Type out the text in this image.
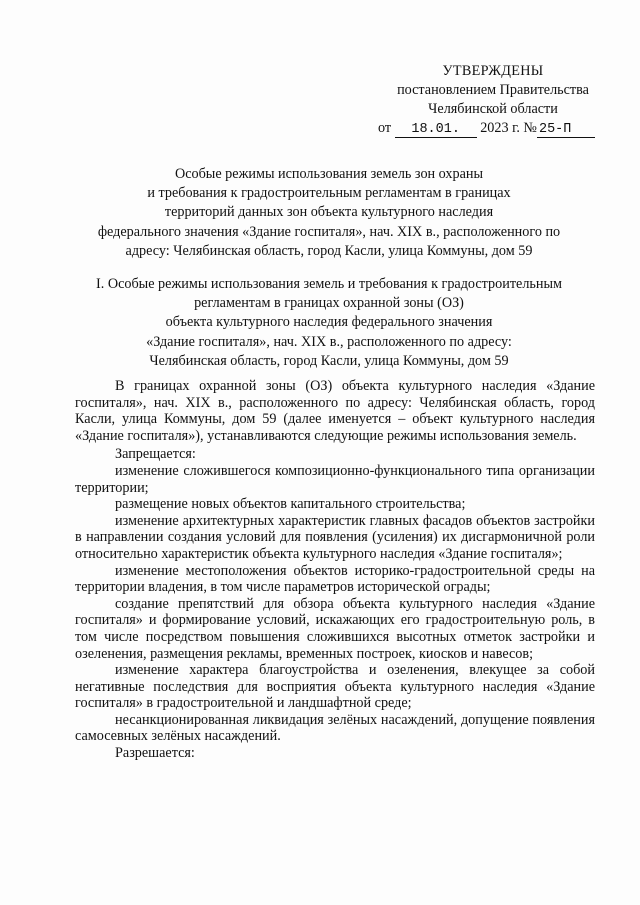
УТВЕРЖДЕНЫ
постановлением Правительства
Челябинской области
от 18.01. 2023 г. № 25-П
Особые режимы использования земель зон охраны
и требования к градостроительным регламентам в границах
территорий данных зон объекта культурного наследия
федерального значения «Здание госпиталя», нач. XIX в., расположенного по
адресу: Челябинская область, город Касли, улица Коммуны, дом 59
I. Особые режимы использования земель и требования к градостроительным
регламентам в границах охранной зоны (ОЗ)
объекта культурного наследия федерального значения
«Здание госпиталя», нач. XIX в., расположенного по адресу:
Челябинская область, город Касли, улица Коммуны, дом 59

В границах охранной зоны (ОЗ) объекта культурного наследия «Здание госпиталя», нач. XIX в., расположенного по адресу: Челябинская область, город Касли, улица Коммуны, дом 59 (далее именуется – объект культурного наследия «Здание госпиталя»), устанавливаются следующие режимы использования земель.

Запрещается:

изменение сложившегося композиционно-функционального типа организации территории;

размещение новых объектов капитального строительства;

изменение архитектурных характеристик главных фасадов объектов застройки в направлении создания условий для появления (усиления) их дисгармоничной роли относительно характеристик объекта культурного наследия «Здание госпиталя»;

изменение местоположения объектов историко-градостроительной среды на территории владения, в том числе параметров исторической ограды;

создание препятствий для обзора объекта культурного наследия «Здание госпиталя» и формирование условий, искажающих его градостроительную роль, в том числе посредством повышения сложившихся высотных отметок застройки и озеленения, размещения рекламы, временных построек, киосков и навесов;

изменение характера благоустройства и озеленения, влекущее за собой негативные последствия для восприятия объекта культурного наследия «Здание госпиталя» в градостроительной и ландшафтной среде;

несанкционированная ликвидация зелёных насаждений, допущение появления самосевных зелёных насаждений.

Разрешается:
